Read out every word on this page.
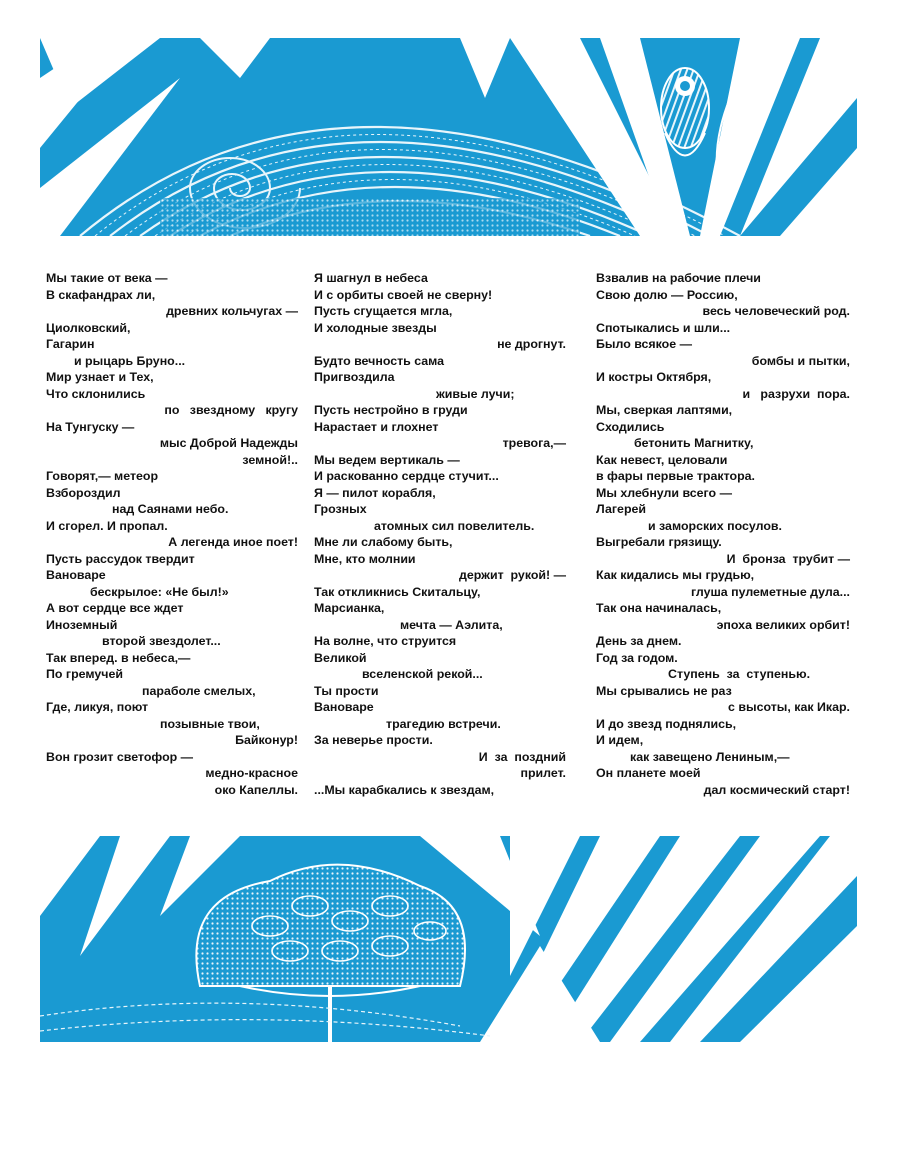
Мы такие от века —
В скафандрах ли,
древних кольчугах —
Циолковский,
Гагарин
и рыцарь Бруно...
Мир узнает и Тех,
Что склонились
по   звездному   кругу
На Тунгуску —
мыс Доброй Надежды
земной!..
Говорят,— метеор
Взбороздил
над Саянами небо.
И сгорел. И пропал.
А легенда иное поет!
Пусть рассудок твердит
Вановаре
бескрылое: «Не был!»
А вот сердце все ждет
Иноземный
второй звездолет...
Так вперед. в небеса,—
По гремучей
параболе смелых,
Где, ликуя, поют
позывные твои,
Байконур!
Вон грозит светофор —
медно-красное
око Капеллы.
Я шагнул в небеса
И с орбиты своей не сверну!
Пусть сгущается мгла,
И холодные звезды
не дрогнут.
Будто вечность сама
Пригвоздила
живые лучи;
Пусть нестройно в груди
Нарастает и глохнет
тревога,—
Мы ведем вертикаль —
И раскованно сердце стучит...
Я — пилот корабля,
Грозных
атомных сил повелитель.
Мне ли слабому быть,
Мне, кто молнии
держит  рукой! —
Так откликнись Скитальцу,
Марсианка,
мечта — Аэлита,
На волне, что струится
Великой
вселенской рекой...
Ты прости
Вановаре
трагедию встречи.
За неверье прости.
И  за  поздний
прилет.
...Мы карабкались к звездам,
Взвалив на рабочие плечи
Свою долю — Россию,
весь человеческий род.
Спотыкались и шли...
Было всякое —
бомбы и пытки,
И костры Октября,
и   разрухи  пора.
Мы, сверкая лаптями,
Сходились
бетонить Магнитку,
Как невест, целовали
в фары первые трактора.
Мы хлебнули всего —
Лагерей
и заморских посулов.
Выгребали грязищу.
И  бронза  трубит —
Как кидались мы грудью,
глуша пулеметные дула...
Так она начиналась,
эпоха великих орбит!
День за днем.
Год за годом.
Ступень  за  ступенью.
Мы срывались не раз
с высоты, как Икар.
И до звезд поднялись,
И идем,
как завещено Лениным,—
Он планете моей
дал космический старт!
